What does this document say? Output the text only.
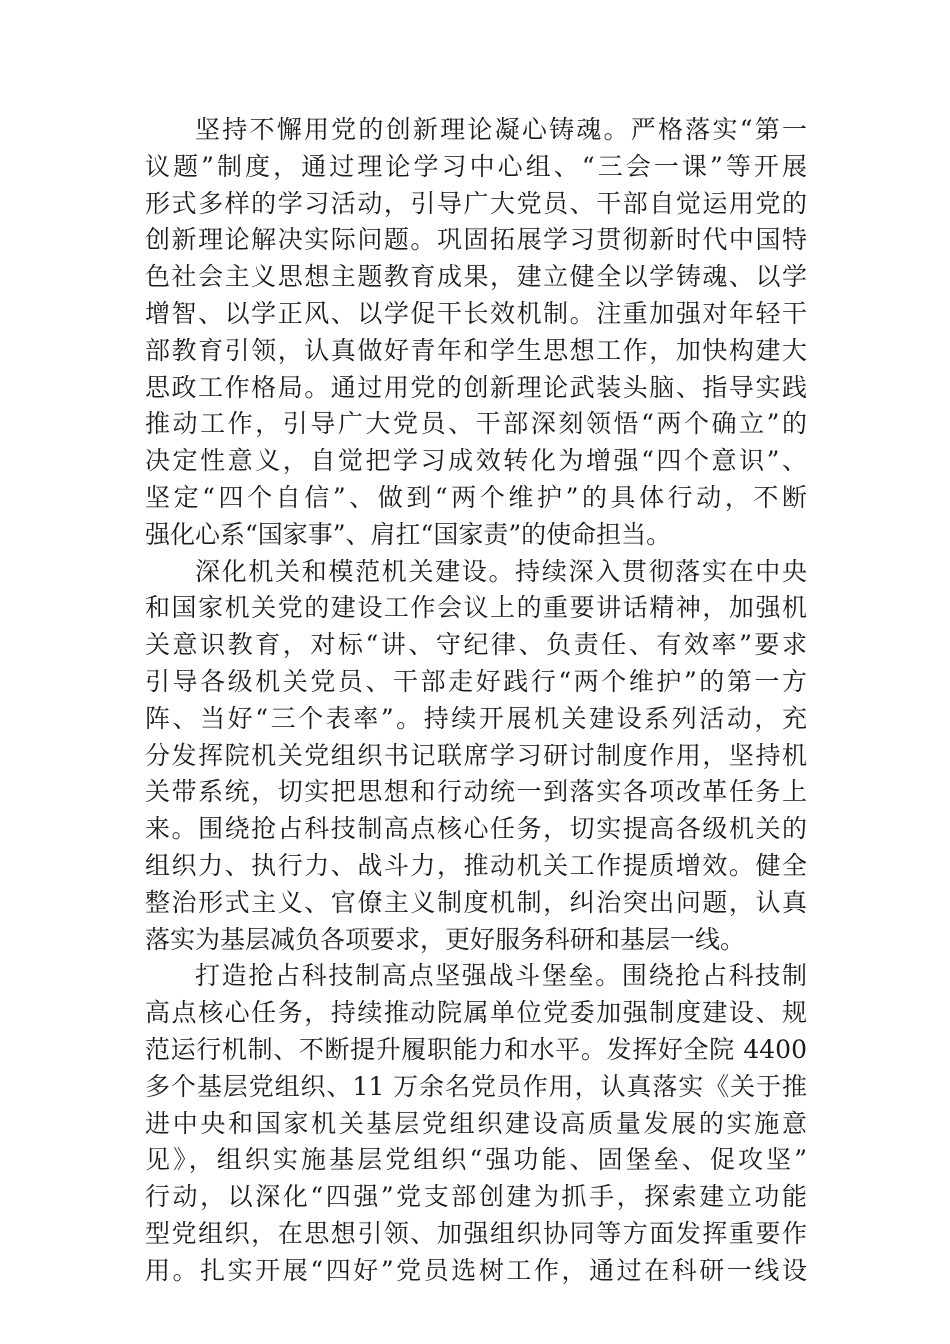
坚持不懈用党的创新理论凝心铸魂。严格落实“第一
议题”制度，通过理论学习中心组、“三会一课”等开展
形式多样的学习活动，引导广大党员、干部自觉运用党的
创新理论解决实际问题。巩固拓展学习贯彻新时代中国特
色社会主义思想主题教育成果，建立健全以学铸魂、以学
增智、以学正风、以学促干长效机制。注重加强对年轻干
部教育引领，认真做好青年和学生思想工作，加快构建大
思政工作格局。通过用党的创新理论武装头脑、指导实践
推动工作，引导广大党员、干部深刻领悟“两个确立”的
决定性意义，自觉把学习成效转化为增强“四个意识”、
坚定“四个自信”、做到“两个维护”的具体行动，不断
强化心系“国家事”、肩扛“国家责”的使命担当。
深化机关和模范机关建设。持续深入贯彻落实在中央
和国家机关党的建设工作会议上的重要讲话精神，加强机
关意识教育，对标“讲、守纪律、负责任、有效率”要求
引导各级机关党员、干部走好践行“两个维护”的第一方
阵、当好“三个表率”。持续开展机关建设系列活动，充
分发挥院机关党组织书记联席学习研讨制度作用，坚持机
关带系统，切实把思想和行动统一到落实各项改革任务上
来。围绕抢占科技制高点核心任务，切实提高各级机关的
组织力、执行力、战斗力，推动机关工作提质增效。健全
整治形式主义、官僚主义制度机制，纠治突出问题，认真
落实为基层减负各项要求，更好服务科研和基层一线。
打造抢占科技制高点坚强战斗堡垒。围绕抢占科技制
高点核心任务，持续推动院属单位党委加强制度建设、规
范运行机制、不断提升履职能力和水平。发挥好全院 4400
多个基层党组织、11 万余名党员作用，认真落实《关于推
进中央和国家机关基层党组织建设高质量发展的实施意
见》，组织实施基层党组织“强功能、固堡垒、促攻坚”
行动，以深化“四强”党支部创建为抓手，探索建立功能
型党组织，在思想引领、加强组织协同等方面发挥重要作
用。扎实开展“四好”党员选树工作，通过在科研一线设
